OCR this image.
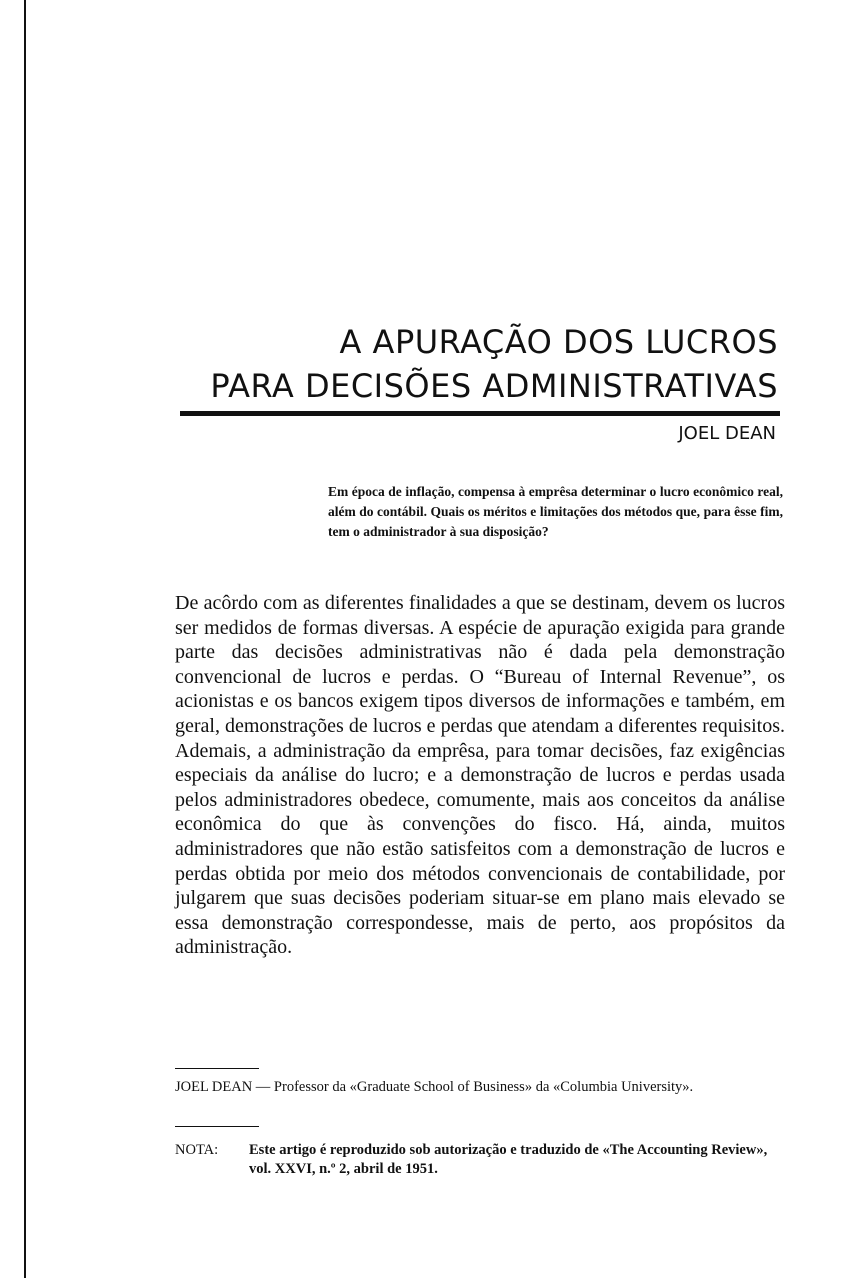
A APURAÇÃO DOS LUCROS
PARA DECISÕES ADMINISTRATIVAS
JOEL DEAN
Em época de inflação, compensa à emprêsa determinar o lucro econômico real, além do contábil. Quais os méritos e limitações dos métodos que, para êsse fim, tem o administrador à sua disposição?
De acôrdo com as diferentes finalidades a que se destinam, devem os lucros ser medidos de formas diversas. A espécie de apuração exigida para grande parte das decisões administrativas não é dada pela demonstração convencional de lucros e perdas. O “Bureau of Internal Revenue”, os acionistas e os bancos exigem tipos diversos de informações e também, em geral, demonstrações de lucros e perdas que atendam a diferentes requisitos. Ademais, a administração da emprêsa, para tomar decisões, faz exigências especiais da análise do lucro; e a demonstração de lucros e perdas usada pelos administradores obedece, comumente, mais aos conceitos da análise econômica do que às convenções do fisco. Há, ainda, muitos administradores que não estão satisfeitos com a demonstração de lucros e perdas obtida por meio dos métodos convencionais de contabilidade, por julgarem que suas decisões poderiam situar-se em plano mais elevado se essa demonstração correspondesse, mais de perto, aos propósitos da administração.
JOEL DEAN — Professor da «Graduate School of Business» da «Columbia University».
NOTA:	Este artigo é reproduzido sob autorização e traduzido de «The Accounting Review», vol. XXVI, n.º 2, abril de 1951.
